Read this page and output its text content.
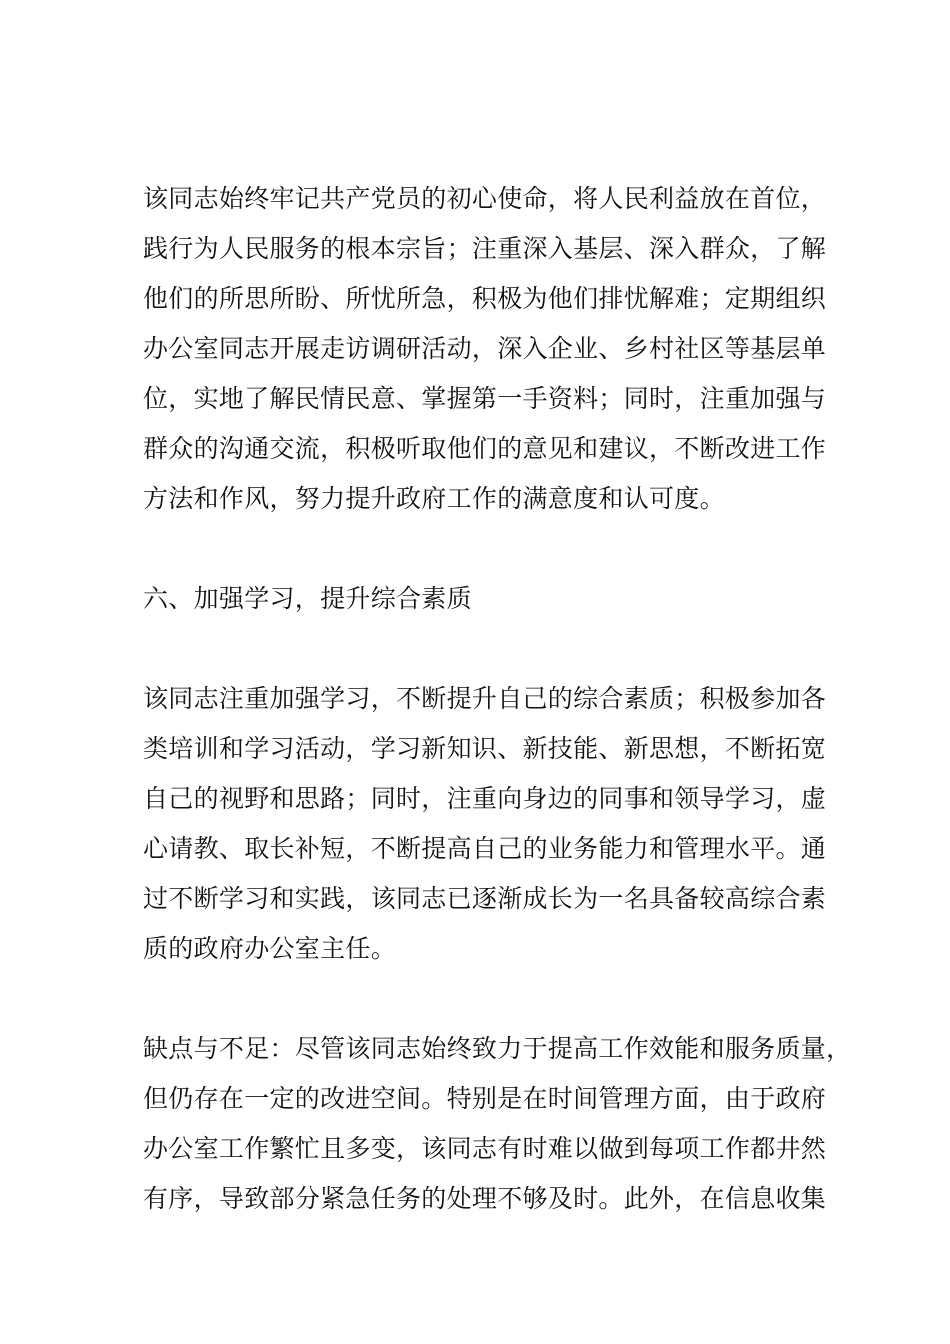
该同志始终牢记共产党员的初心使命，将人民利益放在首位，
践行为人民服务的根本宗旨；注重深入基层、深入群众，了解
他们的所思所盼、所忧所急，积极为他们排忧解难；定期组织
办公室同志开展走访调研活动，深入企业、乡村社区等基层单
位，实地了解民情民意、掌握第一手资料；同时，注重加强与
群众的沟通交流，积极听取他们的意见和建议，不断改进工作
方法和作风，努力提升政府工作的满意度和认可度。
六、加强学习，提升综合素质
该同志注重加强学习，不断提升自己的综合素质；积极参加各
类培训和学习活动，学习新知识、新技能、新思想，不断拓宽
自己的视野和思路；同时，注重向身边的同事和领导学习，虚
心请教、取长补短，不断提高自己的业务能力和管理水平。通
过不断学习和实践，该同志已逐渐成长为一名具备较高综合素
质的政府办公室主任。
缺点与不足：尽管该同志始终致力于提高工作效能和服务质量，
但仍存在一定的改进空间。特别是在时间管理方面，由于政府
办公室工作繁忙且多变，该同志有时难以做到每项工作都井然
有序，导致部分紧急任务的处理不够及时。此外，在信息收集
